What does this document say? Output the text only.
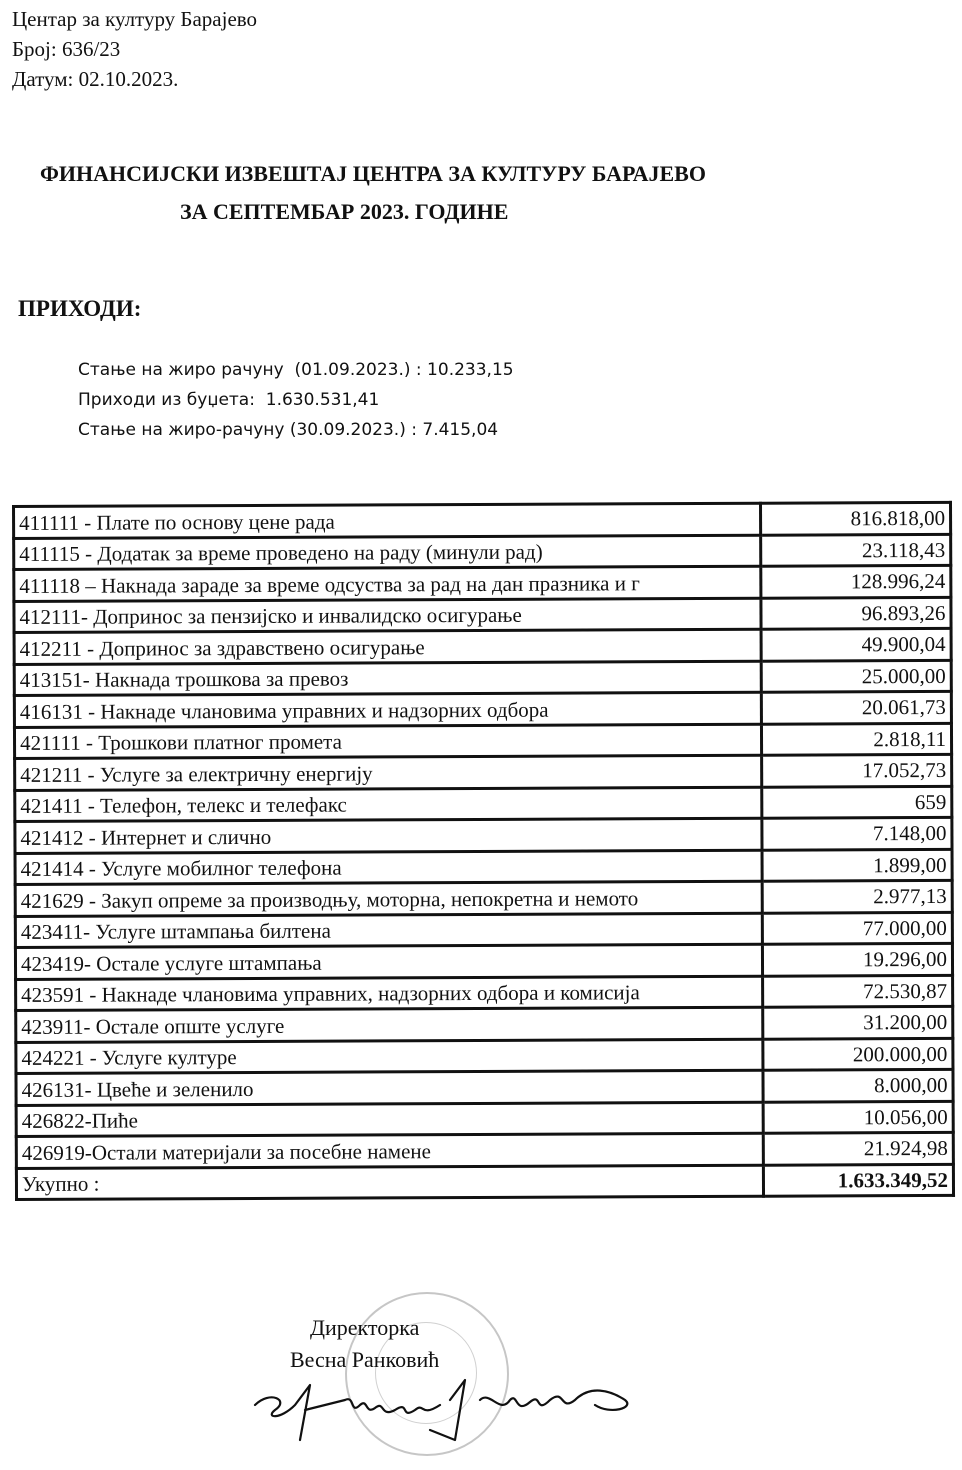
Центар за културу Барајево
Број: 636/23
Датум: 02.10.2023.
ФИНАНСИЈСКИ ИЗВЕШТАЈ ЦЕНТРА ЗА КУЛТУРУ БАРАЈЕВО
ЗА СЕПТЕМБАР 2023. ГОДИНЕ
ПРИХОДИ:
Стање на жиро рачуну  (01.09.2023.) : 10.233,15
Приходи из буџета:  1.630.531,41
Стање на жиро-рачуну (30.09.2023.) : 7.415,04
411111 - Плате по основу цене рада	816.818,00
411115 - Додатак за време проведено на раду (минули рад)	23.118,43
411118 – Накнада зараде за време одсуства за рад на дан празника и г	128.996,24
412111- Допринос за пензијско и инвалидско осигурање	96.893,26
412211 - Допринос за здравствено осигурање	49.900,04
413151- Накнада трошкова за превоз	25.000,00
416131 - Накнаде члановима управних и надзорних одбора	20.061,73
421111 - Трошкови платног промета	2.818,11
421211 - Услуге за електричну енергију	17.052,73
421411 - Телефон, телекс и телефакс	659
421412 - Интернет и слично	7.148,00
421414 - Услуге мобилног телефона	1.899,00
421629 - Закуп опреме за производњу, моторна, непокретна и немото	2.977,13
423411- Услуге штампања билтена	77.000,00
423419- Остале услуге штампања	19.296,00
423591 - Накнаде члановима управних, надзорних одбора и комисија	72.530,87
423911- Остале опште услуге	31.200,00
424221 - Услуге културе	200.000,00
426131- Цвеће и зеленило	8.000,00
426822-Пиће	10.056,00
426919-Остали материјали за посебне намене	21.924,98
Укупно :	1.633.349,52
Директорка
Весна Ранковић
